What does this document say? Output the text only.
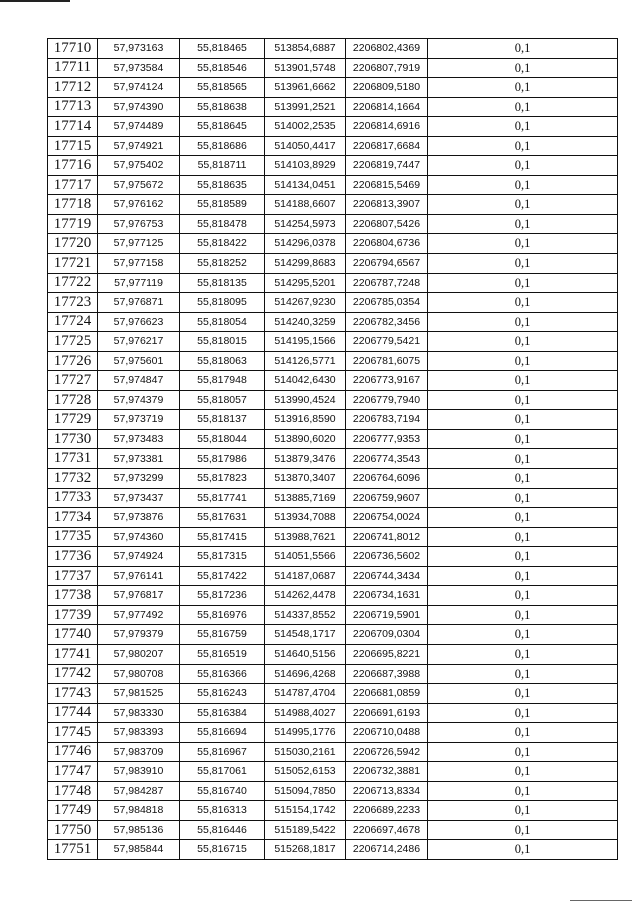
17710	57,973163	55,818465	513854,6887	2206802,4369	0,1
17711	57,973584	55,818546	513901,5748	2206807,7919	0,1
17712	57,974124	55,818565	513961,6662	2206809,5180	0,1
17713	57,974390	55,818638	513991,2521	2206814,1664	0,1
17714	57,974489	55,818645	514002,2535	2206814,6916	0,1
17715	57,974921	55,818686	514050,4417	2206817,6684	0,1
17716	57,975402	55,818711	514103,8929	2206819,7447	0,1
17717	57,975672	55,818635	514134,0451	2206815,5469	0,1
17718	57,976162	55,818589	514188,6607	2206813,3907	0,1
17719	57,976753	55,818478	514254,5973	2206807,5426	0,1
17720	57,977125	55,818422	514296,0378	2206804,6736	0,1
17721	57,977158	55,818252	514299,8683	2206794,6567	0,1
17722	57,977119	55,818135	514295,5201	2206787,7248	0,1
17723	57,976871	55,818095	514267,9230	2206785,0354	0,1
17724	57,976623	55,818054	514240,3259	2206782,3456	0,1
17725	57,976217	55,818015	514195,1566	2206779,5421	0,1
17726	57,975601	55,818063	514126,5771	2206781,6075	0,1
17727	57,974847	55,817948	514042,6430	2206773,9167	0,1
17728	57,974379	55,818057	513990,4524	2206779,7940	0,1
17729	57,973719	55,818137	513916,8590	2206783,7194	0,1
17730	57,973483	55,818044	513890,6020	2206777,9353	0,1
17731	57,973381	55,817986	513879,3476	2206774,3543	0,1
17732	57,973299	55,817823	513870,3407	2206764,6096	0,1
17733	57,973437	55,817741	513885,7169	2206759,9607	0,1
17734	57,973876	55,817631	513934,7088	2206754,0024	0,1
17735	57,974360	55,817415	513988,7621	2206741,8012	0,1
17736	57,974924	55,817315	514051,5566	2206736,5602	0,1
17737	57,976141	55,817422	514187,0687	2206744,3434	0,1
17738	57,976817	55,817236	514262,4478	2206734,1631	0,1
17739	57,977492	55,816976	514337,8552	2206719,5901	0,1
17740	57,979379	55,816759	514548,1717	2206709,0304	0,1
17741	57,980207	55,816519	514640,5156	2206695,8221	0,1
17742	57,980708	55,816366	514696,4268	2206687,3988	0,1
17743	57,981525	55,816243	514787,4704	2206681,0859	0,1
17744	57,983330	55,816384	514988,4027	2206691,6193	0,1
17745	57,983393	55,816694	514995,1776	2206710,0488	0,1
17746	57,983709	55,816967	515030,2161	2206726,5942	0,1
17747	57,983910	55,817061	515052,6153	2206732,3881	0,1
17748	57,984287	55,816740	515094,7850	2206713,8334	0,1
17749	57,984818	55,816313	515154,1742	2206689,2233	0,1
17750	57,985136	55,816446	515189,5422	2206697,4678	0,1
17751	57,985844	55,816715	515268,1817	2206714,2486	0,1
